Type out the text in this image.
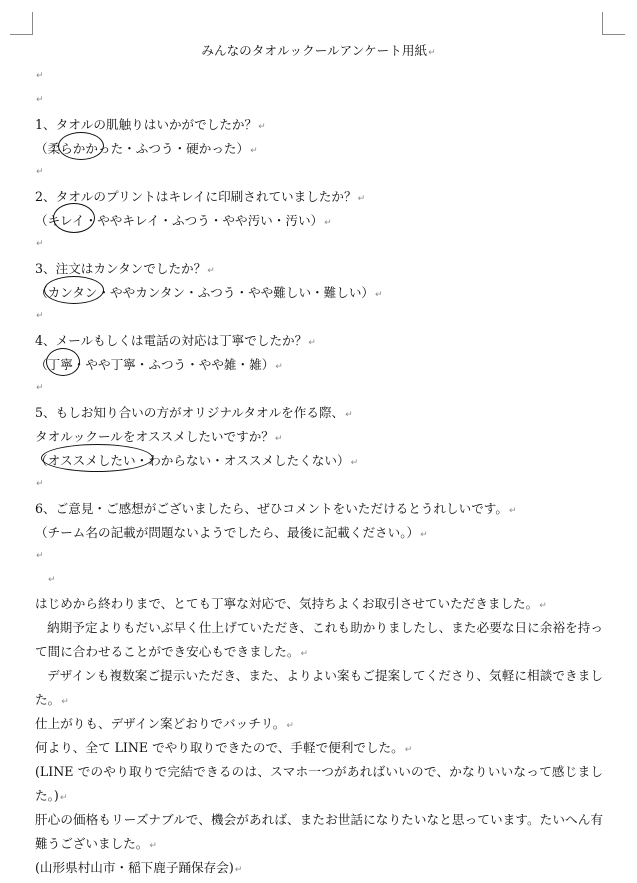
みんなのタオルックールアンケート用紙↵
↵
↵
1、タオルの肌触りはいかがでしたか？↵
（柔らかかった・ふつう・硬かった）↵
↵
2、タオルのプリントはキレイに印刷されていましたか？↵
（キレイ・ややキレイ・ふつう・やや汚い・汚い）↵
↵
3、注文はカンタンでしたか？↵
（カンタン・ややカンタン・ふつう・やや難しい・難しい）↵
↵
4、メールもしくは電話の対応は丁寧でしたか？↵
（丁寧・やや丁寧・ふつう・やや雑・雑）↵
↵
5、もしお知り合いの方がオリジナルタオルを作る際、↵
タオルックールをオススメしたいですか？↵
（オススメしたい・わからない・オススメしたくない）↵
↵
6、ご意見・ご感想がございましたら、ぜひコメントをいただけるとうれしいです。↵
（チーム名の記載が問題ないようでしたら、最後に記載ください。）↵
↵
↵
はじめから終わりまで、とても丁寧な対応で、気持ちよくお取引させていただきました。↵
納期予定よりもだいぶ早く仕上げていただき、これも助かりましたし、また必要な日に余裕を持って間に合わせることができ安心もできました。↵
デザインも複数案ご提示いただき、また、よりよい案もご提案してくださり、気軽に相談できました。↵
仕上がりも、デザイン案どおりでバッチリ。↵
何より、全て LINE でやり取りできたので、手軽で便利でした。↵
(LINE でのやり取りで完結できるのは、スマホ一つがあればいいので、かなりいいなって感じました。)↵
肝心の価格もリーズナブルで、機会があれば、またお世話になりたいなと思っています。たいへん有難うございました。↵
(山形県村山市・稲下鹿子踊保存会)↵
